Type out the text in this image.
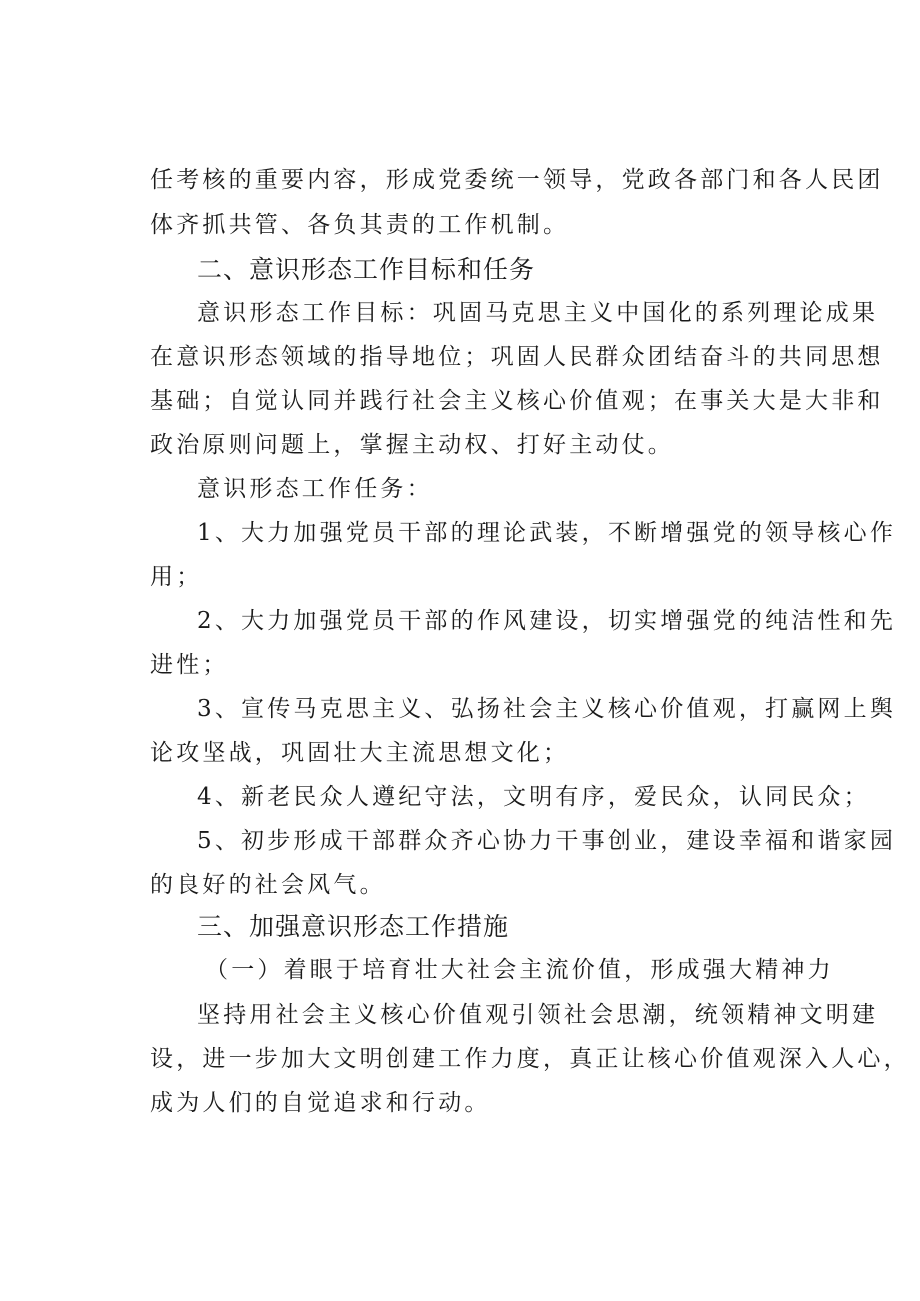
任考核的重要内容，形成党委统一领导，党政各部门和各人民团
体齐抓共管、各负其责的工作机制。
二、意识形态工作目标和任务
意识形态工作目标：巩固马克思主义中国化的系列理论成果
在意识形态领域的指导地位；巩固人民群众团结奋斗的共同思想
基础；自觉认同并践行社会主义核心价值观；在事关大是大非和
政治原则问题上，掌握主动权、打好主动仗。
意识形态工作任务：
1、大力加强党员干部的理论武装，不断增强党的领导核心作
用；
2、大力加强党员干部的作风建设，切实增强党的纯洁性和先
进性；
3、宣传马克思主义、弘扬社会主义核心价值观，打赢网上舆
论攻坚战，巩固壮大主流思想文化；
4、新老民众人遵纪守法，文明有序，爱民众，认同民众；
5、初步形成干部群众齐心协力干事创业，建设幸福和谐家园
的良好的社会风气。
三、加强意识形态工作措施
（一）着眼于培育壮大社会主流价值，形成强大精神力
坚持用社会主义核心价值观引领社会思潮，统领精神文明建
设，进一步加大文明创建工作力度，真正让核心价值观深入人心，
成为人们的自觉追求和行动。
